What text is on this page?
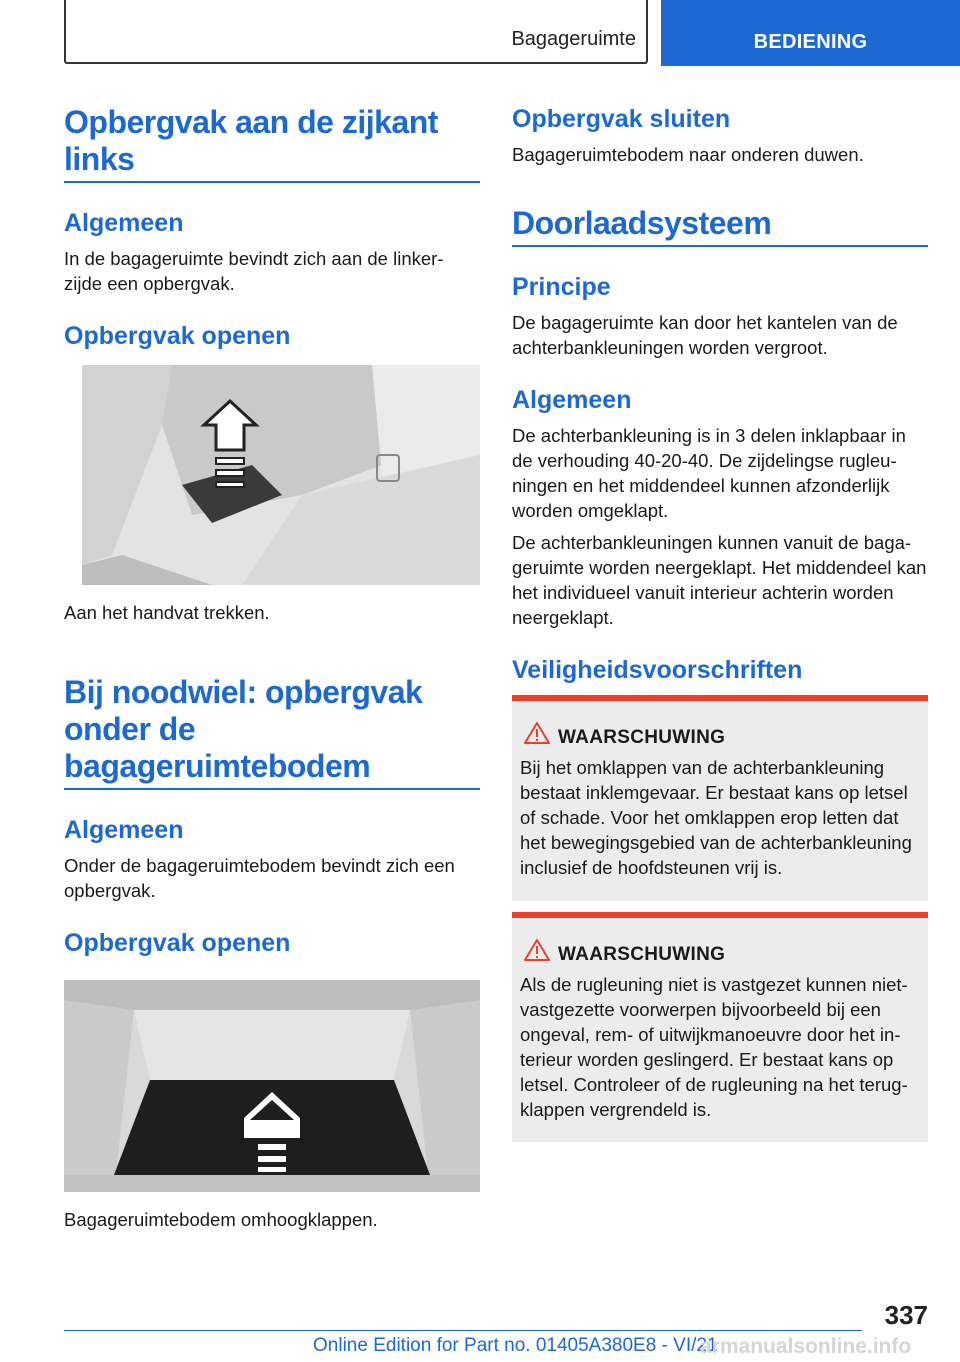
Bagageruimte	BEDIENING
Opbergvak aan de zijkant links
Algemeen
In de bagageruimte bevindt zich aan de linkerzijde een opbergvak.
Opbergvak openen
Aan het handvat trekken.
Bij noodwiel: opbergvak onder de bagageruimtebodem
Algemeen
Onder de bagageruimtebodem bevindt zich een opbergvak.
Opbergvak openen
Bagageruimtebodem omhoogklappen.
Opbergvak sluiten
Bagageruimtebodem naar onderen duwen.
Doorlaadsysteem
Principe
De bagageruimte kan door het kantelen van de achterbankleuningen worden vergroot.
Algemeen
De achterbankleuning is in 3 delen inklapbaar in de verhouding 40-20-40. De zijdelingse rugleuningen en het middendeel kunnen afzonderlijk worden omgeklapt.
De achterbankleuningen kunnen vanuit de bagageruimte worden neergeklapt. Het middendeel kan het individueel vanuit interieur achterin worden neergeklapt.
Veiligheidsvoorschriften
WAARSCHUWING
Bij het omklappen van de achterbankleuning bestaat inklemgevaar. Er bestaat kans op letsel of schade. Voor het omklappen erop letten dat het bewegingsgebied van de achterbankleuning inclusief de hoofdsteunen vrij is.
WAARSCHUWING
Als de rugleuning niet is vastgezet kunnen niet-vastgezette voorwerpen bijvoorbeeld bij een ongeval, rem- of uitwijkmanoeuvre door het interieur worden geslingerd. Er bestaat kans op letsel. Controleer of de rugleuning na het terugklappen vergrendeld is.
337
Online Edition for Part no. 01405A380E8 - VI/21
armanualsonline.info
